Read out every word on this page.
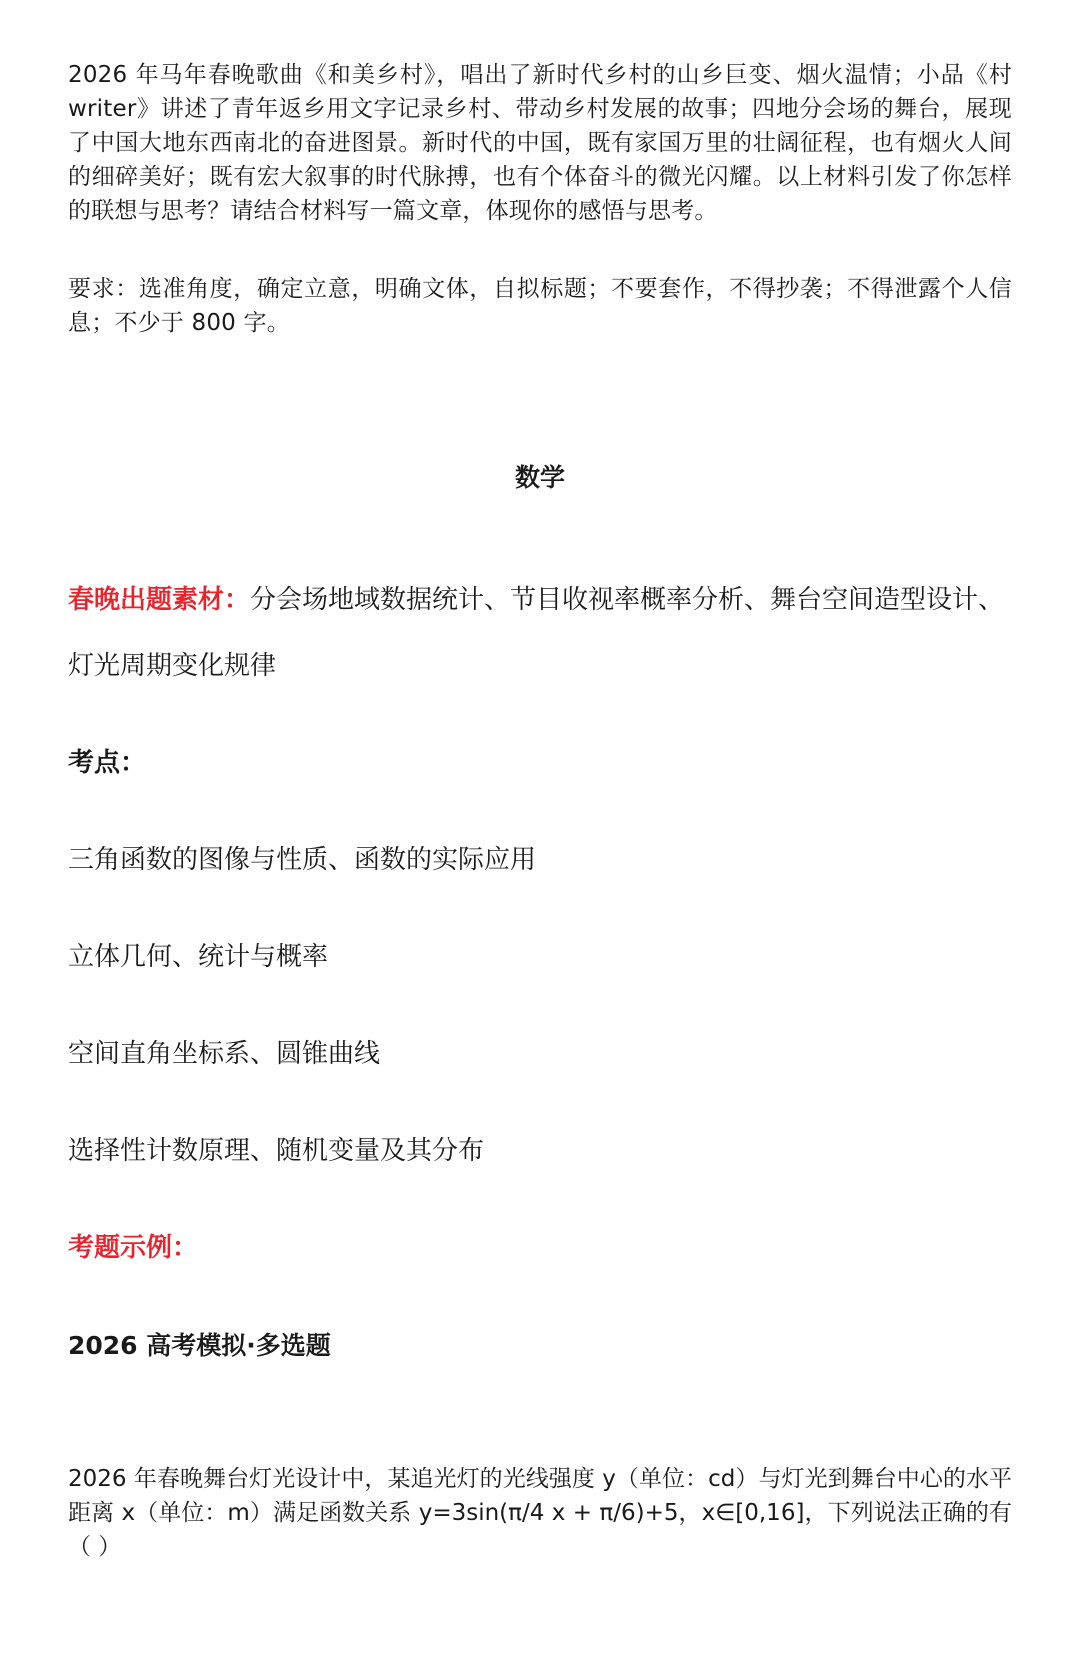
2026 年马年春晚歌曲《和美乡村》，唱出了新时代乡村的山乡巨变、烟火温情；小品《村 writer》讲述了青年返乡用文字记录乡村、带动乡村发展的故事；四地分会场的舞台，展现了中国大地东西南北的奋进图景。新时代的中国，既有家国万里的壮阔征程，也有烟火人间的细碎美好；既有宏大叙事的时代脉搏，也有个体奋斗的微光闪耀。以上材料引发了你怎样的联想与思考？请结合材料写一篇文章，体现你的感悟与思考。

要求：选准角度，确定立意，明确文体，自拟标题；不要套作，不得抄袭；不得泄露个人信息；不少于 800 字。

数学

春晚出题素材：分会场地域数据统计、节目收视率概率分析、舞台空间造型设计、

灯光周期变化规律

考点：

三角函数的图像与性质、函数的实际应用

立体几何、统计与概率

空间直角坐标系、圆锥曲线

选择性计数原理、随机变量及其分布

考题示例：

2026 高考模拟·多选题

2026 年春晚舞台灯光设计中，某追光灯的光线强度 y（单位：cd）与灯光到舞台中心的水平距离 x（单位：m）满足函数关系 y=3sin(π/4 x + π/6)+5，x∈[0,16]，下列说法正确的有（ ）
